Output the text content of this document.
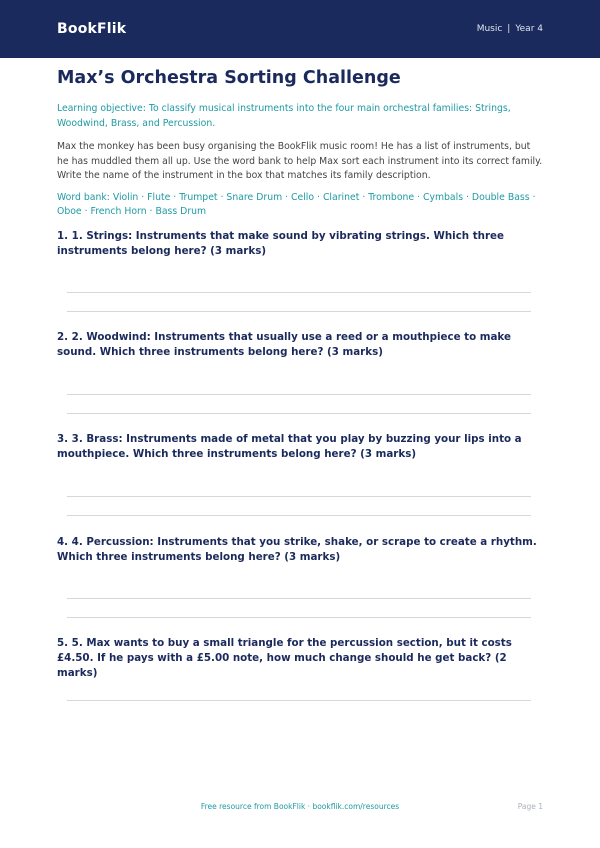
BookFlik	Music | Year 4
Max’s Orchestra Sorting Challenge

Learning objective: To classify musical instruments into the four main orchestral families: Strings, Woodwind, Brass, and Percussion.

Max the monkey has been busy organising the BookFlik music room! He has a list of instruments, but he has muddled them all up. Use the word bank to help Max sort each instrument into its correct family. Write the name of the instrument in the box that matches its family description.

Word bank: Violin · Flute · Trumpet · Snare Drum · Cello · Clarinet · Trombone · Cymbals · Double Bass · Oboe · French Horn · Bass Drum

1. 1. Strings: Instruments that make sound by vibrating strings. Which three instruments belong here? (3 marks)
2. 2. Woodwind: Instruments that usually use a reed or a mouthpiece to make sound. Which three instruments belong here? (3 marks)
3. 3. Brass: Instruments made of metal that you play by buzzing your lips into a mouthpiece. Which three instruments belong here? (3 marks)
4. 4. Percussion: Instruments that you strike, shake, or scrape to create a rhythm. Which three instruments belong here? (3 marks)
5. 5. Max wants to buy a small triangle for the percussion section, but it costs £4.50. If he pays with a £5.00 note, how much change should he get back? (2 marks)
Free resource from BookFlik · bookflik.com/resources	Page 1
